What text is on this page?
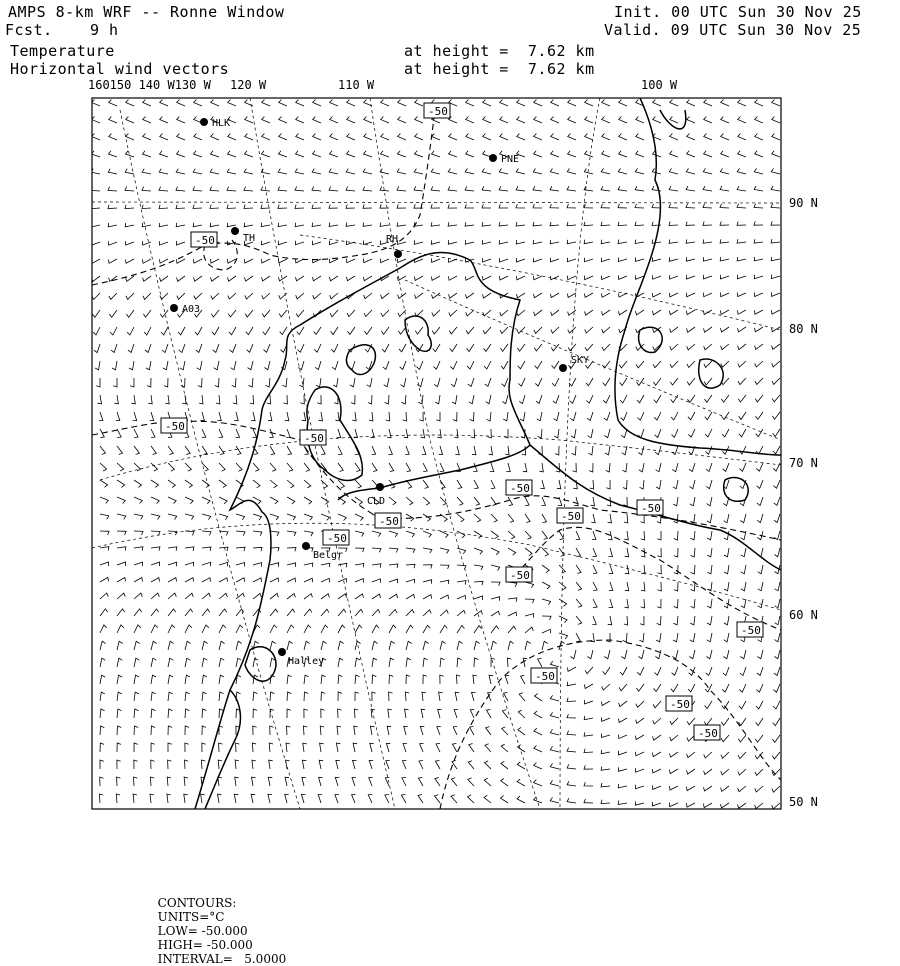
AMPS 8-km WRF -- Ronne Window
Fcst. 9 h
Init. 00 UTC Sun 30 Nov 25
Valid. 09 UTC Sun 30 Nov 25
Temperature
Horizontal wind vectors
at height =  7.62 km
at height =  7.62 km
160150 140 W130 W 120 W	110 W	100 W
90 N
80 N
70 N
60 N
50 N
HLK
PNE
TH	RH
A03
SKY
CLD
Belgr
Halley
-50
-50
-50
-50
-50
-50	-50
-50
-50
-50
-50
-50
-50
-50

CONTOURS:
UNITS=°C
LOW= -50.000
HIGH= -50.000
INTERVAL=   5.0000
